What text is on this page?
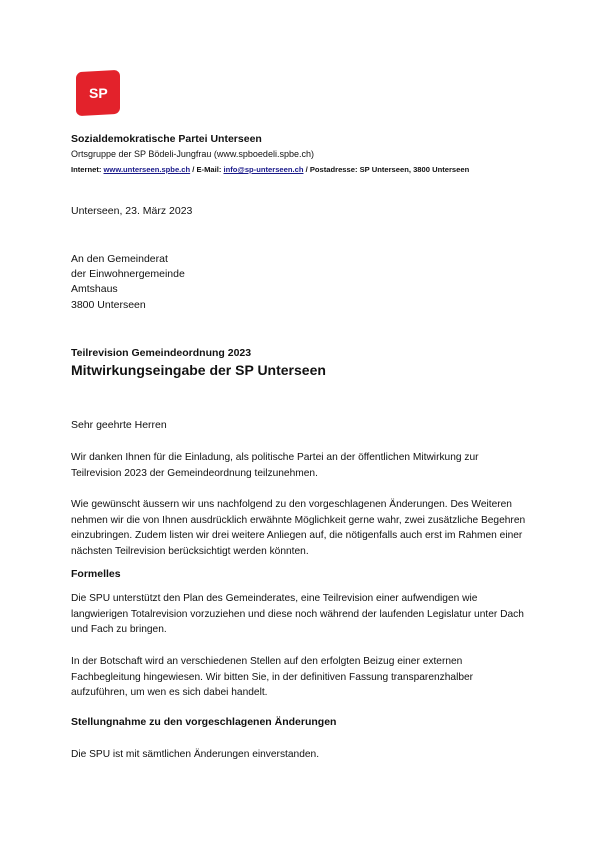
SP
Sozialdemokratische Partei Unterseen
Ortsgruppe der SP Bödeli-Jungfrau (www.spboedeli.spbe.ch)
Internet: www.unterseen.spbe.ch / E-Mail: info@sp-unterseen.ch / Postadresse: SP Unterseen, 3800 Unterseen
Unterseen, 23. März 2023
An den Gemeinderat
der Einwohnergemeinde
Amtshaus
3800 Unterseen
Teilrevision Gemeindeordnung 2023
Mitwirkungseingabe der SP Unterseen
Sehr geehrte Herren
Wir danken Ihnen für die Einladung, als politische Partei an der öffentlichen Mitwirkung zur Teilrevision 2023 der Gemeindeordnung teilzunehmen.
Wie gewünscht äussern wir uns nachfolgend zu den vorgeschlagenen Änderungen. Des Weiteren nehmen wir die von Ihnen ausdrücklich erwähnte Möglichkeit gerne wahr, zwei zusätzliche Begehren einzubringen. Zudem listen wir drei weitere Anliegen auf, die nötigenfalls auch erst im Rahmen einer nächsten Teilrevision berücksichtigt werden könnten.
Formelles
Die SPU unterstützt den Plan des Gemeinderates, eine Teilrevision einer aufwendigen wie langwierigen Totalrevision vorzuziehen und diese noch während der laufenden Legislatur unter Dach und Fach zu bringen.
In der Botschaft wird an verschiedenen Stellen auf den erfolgten Beizug einer externen Fachbegleitung hingewiesen. Wir bitten Sie, in der definitiven Fassung transparenzhalber aufzuführen, um wen es sich dabei handelt.
Stellungnahme zu den vorgeschlagenen Änderungen
Die SPU ist mit sämtlichen Änderungen einverstanden.
